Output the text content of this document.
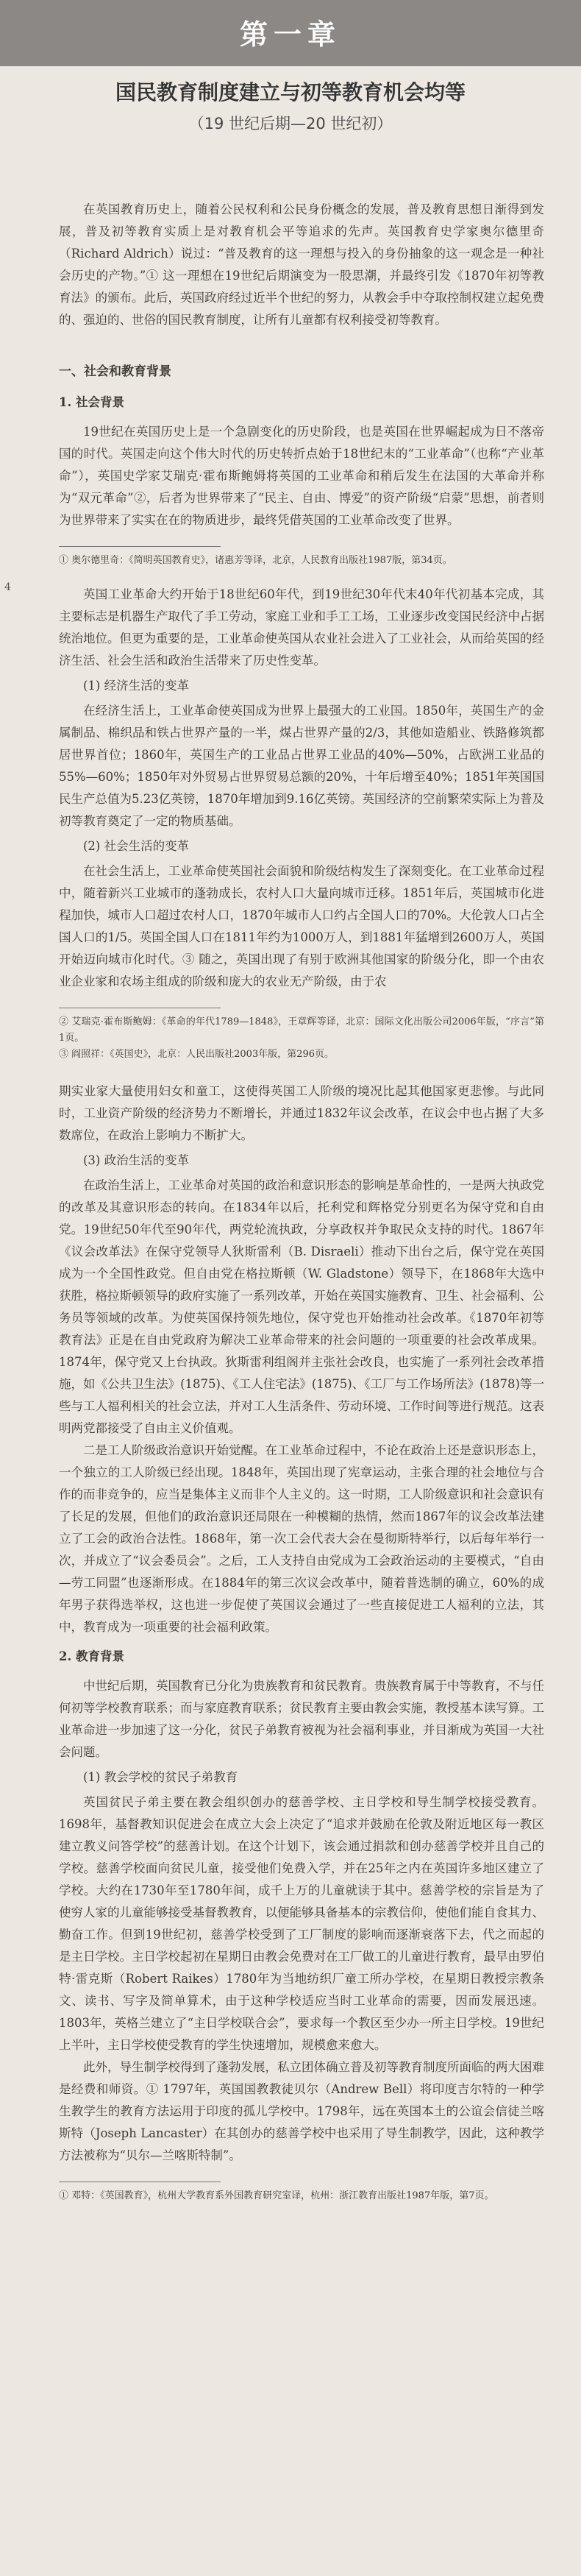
第一章
国民教育制度建立与初等教育机会均等
（19 世纪后期—20 世纪初）
4

在英国教育历史上，随着公民权利和公民身份概念的发展，普及教育思想日渐得到发展，普及初等教育实质上是对教育机会平等追求的先声。英国教育史学家奥尔德里奇（Richard Aldrich）说过：“普及教育的这一理想与投入的身份抽象的这一观念是一种社会历史的产物。”① 这一理想在19世纪后期演变为一股思潮，并最终引发《1870年初等教育法》的颁布。此后，英国政府经过近半个世纪的努力，从教会手中夺取控制权建立起免费的、强迫的、世俗的国民教育制度，让所有儿童都有权利接受初等教育。

一、社会和教育背景

1. 社会背景

19世纪在英国历史上是一个急剧变化的历史阶段，也是英国在世界崛起成为日不落帝国的时代。英国走向这个伟大时代的历史转折点始于18世纪末的“工业革命”（也称“产业革命”），英国史学家艾瑞克·霍布斯鲍姆将英国的工业革命和稍后发生在法国的大革命并称为“双元革命”②，后者为世界带来了“民主、自由、博爱”的资产阶级“启蒙”思想，前者则为世界带来了实实在在的物质进步，最终凭借英国的工业革命改变了世界。

① 奥尔德里奇：《简明英国教育史》，诸惠芳等译，北京，人民教育出版社1987版，第34页。

英国工业革命大约开始于18世纪60年代，到19世纪30年代末40年代初基本完成，其主要标志是机器生产取代了手工劳动，家庭工业和手工工场，工业逐步改变国民经济中占据统治地位。但更为重要的是，工业革命使英国从农业社会进入了工业社会，从而给英国的经济生活、社会生活和政治生活带来了历史性变革。

(1) 经济生活的变革

在经济生活上，工业革命使英国成为世界上最强大的工业国。1850年，英国生产的金属制品、棉织品和铁占世界产量的一半，煤占世界产量的2/3，其他如造船业、铁路修筑都居世界首位；1860年，英国生产的工业品占世界工业品的40%—50%，占欧洲工业品的55%—60%；1850年对外贸易占世界贸易总额的20%，十年后增至40%；1851年英国国民生产总值为5.23亿英镑，1870年增加到9.16亿英镑。英国经济的空前繁荣实际上为普及初等教育奠定了一定的物质基础。

(2) 社会生活的变革

在社会生活上，工业革命使英国社会面貌和阶级结构发生了深刻变化。在工业革命过程中，随着新兴工业城市的蓬勃成长，农村人口大量向城市迁移。1851年后，英国城市化进程加快，城市人口超过农村人口，1870年城市人口约占全国人口的70%。大伦敦人口占全国人口的1/5。英国全国人口在1811年约为1000万人，到1881年猛增到2600万人，英国开始迈向城市化时代。③ 随之，英国出现了有别于欧洲其他国家的阶级分化，即一个由农业企业家和农场主组成的阶级和庞大的农业无产阶级，由于农

② 艾瑞克·霍布斯鲍姆：《革命的年代1789—1848》，王章辉等译，北京：国际文化出版公司2006年版，“序言”第1页。

③ 阎照祥：《英国史》，北京：人民出版社2003年版，第296页。

期实业家大量使用妇女和童工，这使得英国工人阶级的境况比起其他国家更悲惨。与此同时，工业资产阶级的经济势力不断增长，并通过1832年议会改革，在议会中也占据了大多数席位，在政治上影响力不断扩大。

(3) 政治生活的变革

在政治生活上，工业革命对英国的政治和意识形态的影响是革命性的，一是两大执政党的改革及其意识形态的转向。在1834年以后，托利党和辉格党分别更名为保守党和自由党。19世纪50年代至90年代，两党轮流执政，分享政权并争取民众支持的时代。1867年《议会改革法》在保守党领导人狄斯雷利（B. Disraeli）推动下出台之后，保守党在英国成为一个全国性政党。但自由党在格拉斯顿（W. Gladstone）领导下，在1868年大选中获胜，格拉斯顿领导的政府实施了一系列改革，开始在英国实施教育、卫生、社会福利、公务员等领域的改革。为使英国保持领先地位，保守党也开始推动社会改革。《1870年初等教育法》正是在自由党政府为解决工业革命带来的社会问题的一项重要的社会改革成果。1874年，保守党又上台执政。狄斯雷利组阁并主张社会改良，也实施了一系列社会改革措施，如《公共卫生法》(1875)、《工人住宅法》(1875)、《工厂与工作场所法》(1878)等一些与工人福利相关的社会立法，并对工人生活条件、劳动环境、工作时间等进行规范。这表明两党都接受了自由主义价值观。

二是工人阶级政治意识开始觉醒。在工业革命过程中，不论在政治上还是意识形态上，一个独立的工人阶级已经出现。1848年，英国出现了宪章运动，主张合理的社会地位与合作的而非竞争的，应当是集体主义而非个人主义的。这一时期，工人阶级意识和社会意识有了长足的发展，但他们的政治意识还局限在一种模糊的热情，然而1867年的议会改革法建立了工会的政治合法性。1868年，第一次工会代表大会在曼彻斯特举行，以后每年举行一次，并成立了“议会委员会”。之后，工人支持自由党成为工会政治运动的主要模式，“自由—劳工同盟”也逐渐形成。在1884年的第三次议会改革中，随着普选制的确立，60%的成年男子获得选举权，这也进一步促使了英国议会通过了一些直接促进工人福利的立法，其中，教育成为一项重要的社会福利政策。

2. 教育背景

中世纪后期，英国教育已分化为贵族教育和贫民教育。贵族教育属于中等教育，不与任何初等学校教育联系；而与家庭教育联系；贫民教育主要由教会实施，教授基本读写算。工业革命进一步加速了这一分化，贫民子弟教育被视为社会福利事业，并目渐成为英国一大社会问题。

(1) 教会学校的贫民子弟教育

英国贫民子弟主要在教会组织创办的慈善学校、主日学校和导生制学校接受教育。1698年，基督教知识促进会在成立大会上决定了“追求并鼓励在伦敦及附近地区每一教区建立教义问答学校”的慈善计划。在这个计划下，该会通过捐款和创办慈善学校并且自己的学校。慈善学校面向贫民儿童，接受他们免费入学，并在25年之内在英国许多地区建立了学校。大约在1730年至1780年间，成千上万的儿童就读于其中。慈善学校的宗旨是为了使穷人家的儿童能够接受基督教教育，以便能够具备基本的宗教信仰，使他们能自食其力、勤奋工作。但到19世纪初，慈善学校受到了工厂制度的影响而逐渐衰落下去，代之而起的是主日学校。主日学校起初在星期日由教会免费对在工厂做工的儿童进行教育，最早由罗伯特·雷克斯（Robert Raikes）1780年为当地纺织厂童工所办学校，在星期日教授宗教条文、读书、写字及简单算术，由于这种学校适应当时工业革命的需要，因而发展迅速。1803年，英格兰建立了“主日学校联合会”，要求每一个教区至少办一所主日学校。19世纪上半叶，主日学校使受教育的学生快速增加，规模愈来愈大。

此外，导生制学校得到了蓬勃发展，私立团体确立普及初等教育制度所面临的两大困难是经费和师资。① 1797年，英国国教教徒贝尔（Andrew Bell）将印度吉尔特的一种学生教学生的教育方法运用于印度的孤儿学校中。1798年，远在英国本土的公谊会信徒兰喀斯特（Joseph Lancaster）在其创办的慈善学校中也采用了导生制教学，因此，这种教学方法被称为“贝尔—兰喀斯特制”。

① 邓特：《英国教育》，杭州大学教育系外国教育研究室译，杭州：浙江教育出版社1987年版，第7页。
